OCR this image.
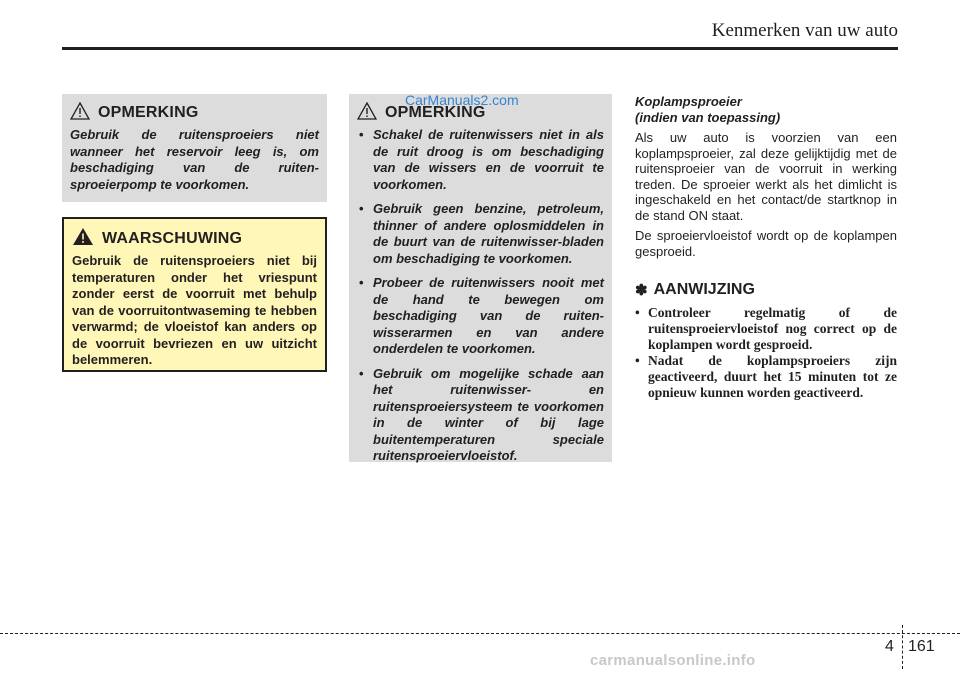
Kenmerken van uw auto
OPMERKING
Gebruik de ruitensproeiers niet wanneer het reservoir leeg is, om beschadiging van de ruiten-sproeierpomp te voorkomen.
WAARSCHUWING
Gebruik de ruitensproeiers niet bij temperaturen onder het vriespunt zonder eerst de voorruit met behulp van de voorruitontwaseming te hebben verwarmd; de vloeistof kan anders op de voorruit bevriezen en uw uitzicht belemmeren.
OPMERKING
• Schakel de ruitenwissers niet in als de ruit droog is om beschadiging van de wissers en de voorruit te voorkomen.
• Gebruik geen benzine, petroleum, thinner of andere oplosmiddelen in de buurt van de ruitenwisser-bladen om beschadiging te voorkomen.
• Probeer de ruitenwissers nooit met de hand te bewegen om beschadiging van de ruiten-wisserarmen en van andere onderdelen te voorkomen.
• Gebruik om mogelijke schade aan het ruitenwisser- en ruitensproeiersysteem te voorkomen in de winter of bij lage buitentemperaturen speciale ruitensproeiervloeistof.
CarManuals2.com	Koplampsproeier
(indien van toepassing)
Als uw auto is voorzien van een koplampsproeier, zal deze gelijktijdig met de ruitensproeier van de voorruit in werking treden. De sproeier werkt als het dimlicht is ingeschakeld en het contact/de startknop in de stand ON staat.
De sproeiervloeistof wordt op de koplampen gesproeid.
✽ AANWIJZING
• Controleer regelmatig of de ruitensproeiervloeistof nog correct op de koplampen wordt gesproeid.
• Nadat de koplampsproeiers zijn geactiveerd, duurt het 15 minuten tot ze opnieuw kunnen worden geactiveerd.
4 161
carmanualsonline.info
